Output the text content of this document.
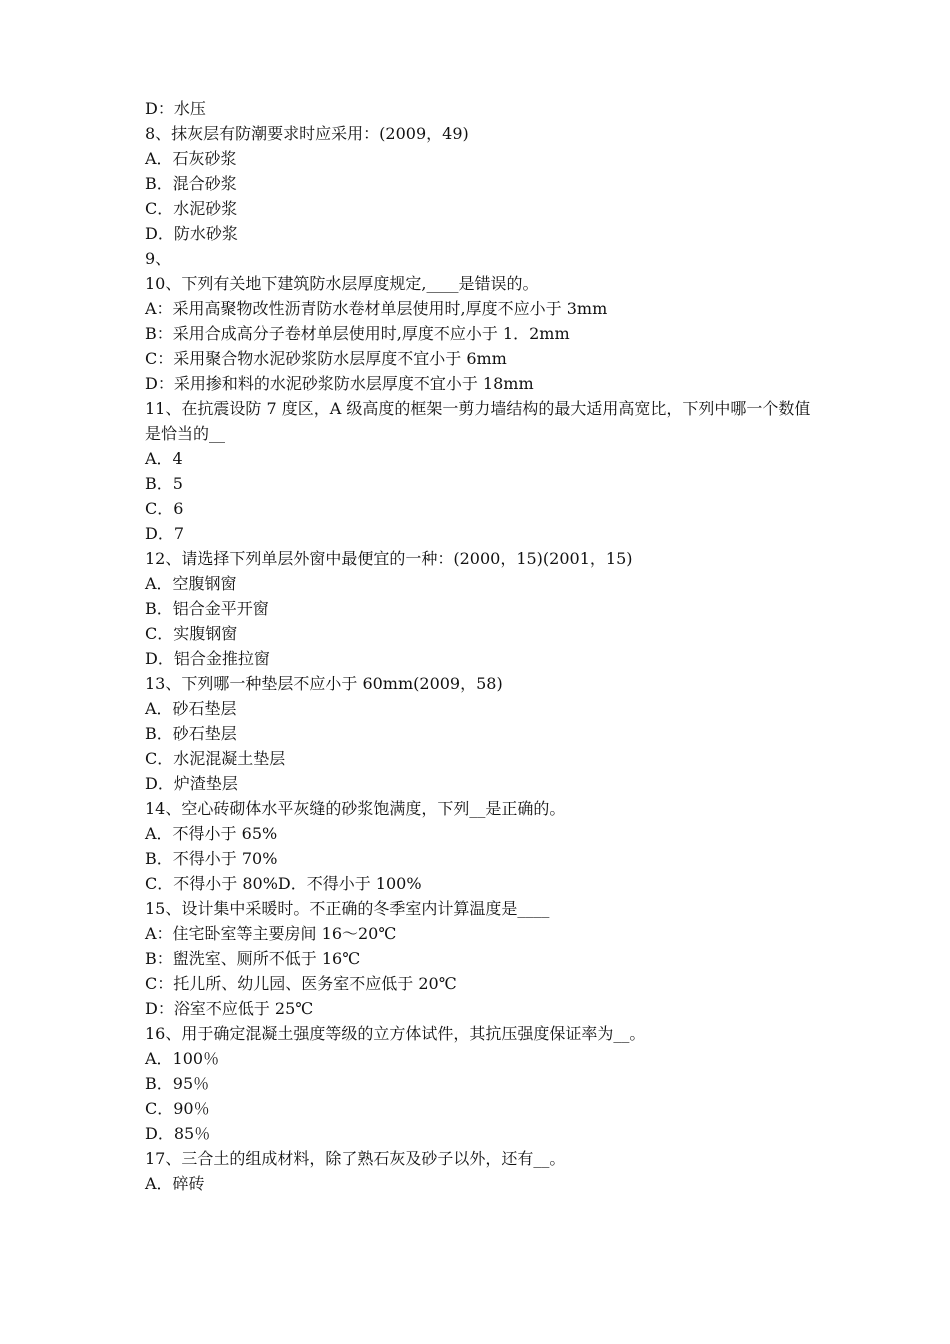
D：水压
8、抹灰层有防潮要求时应采用：(2009，49)
A．石灰砂浆
B．混合砂浆
C．水泥砂浆
D．防水砂浆
9、
10、下列有关地下建筑防水层厚度规定,____是错误的。
A：采用高聚物改性沥青防水卷材单层使用时,厚度不应小于 3mm
B：采用合成高分子卷材单层使用时,厚度不应小于 1．2mm
C：采用聚合物水泥砂浆防水层厚度不宜小于 6mm
D：采用掺和料的水泥砂浆防水层厚度不宜小于 18mm
11、在抗震设防 7 度区，A 级高度的框架一剪力墙结构的最大适用高宽比，下列中哪一个数值是恰当的__
A．4
B．5
C．6
D．7
12、请选择下列单层外窗中最便宜的一种：(2000，15)(2001，15)
A．空腹钢窗
B．铝合金平开窗
C．实腹钢窗
D．铝合金推拉窗
13、下列哪一种垫层不应小于 60mm(2009，58)
A．砂石垫层
B．砂石垫层
C．水泥混凝土垫层
D．炉渣垫层
14、空心砖砌体水平灰缝的砂浆饱满度，下列__是正确的。
A．不得小于 65%
B．不得小于 70%
C．不得小于 80%D．不得小于 100%
15、设计集中采暖时。不正确的冬季室内计算温度是____
A：住宅卧室等主要房间 16～20℃
B：盥洗室、厕所不低于 16℃
C：托儿所、幼儿园、医务室不应低于 20℃
D：浴室不应低于 25℃
16、用于确定混凝土强度等级的立方体试件，其抗压强度保证率为__。
A．100％
B．95％
C．90％
D．85％
17、三合土的组成材料，除了熟石灰及砂子以外，还有__。
A．碎砖
